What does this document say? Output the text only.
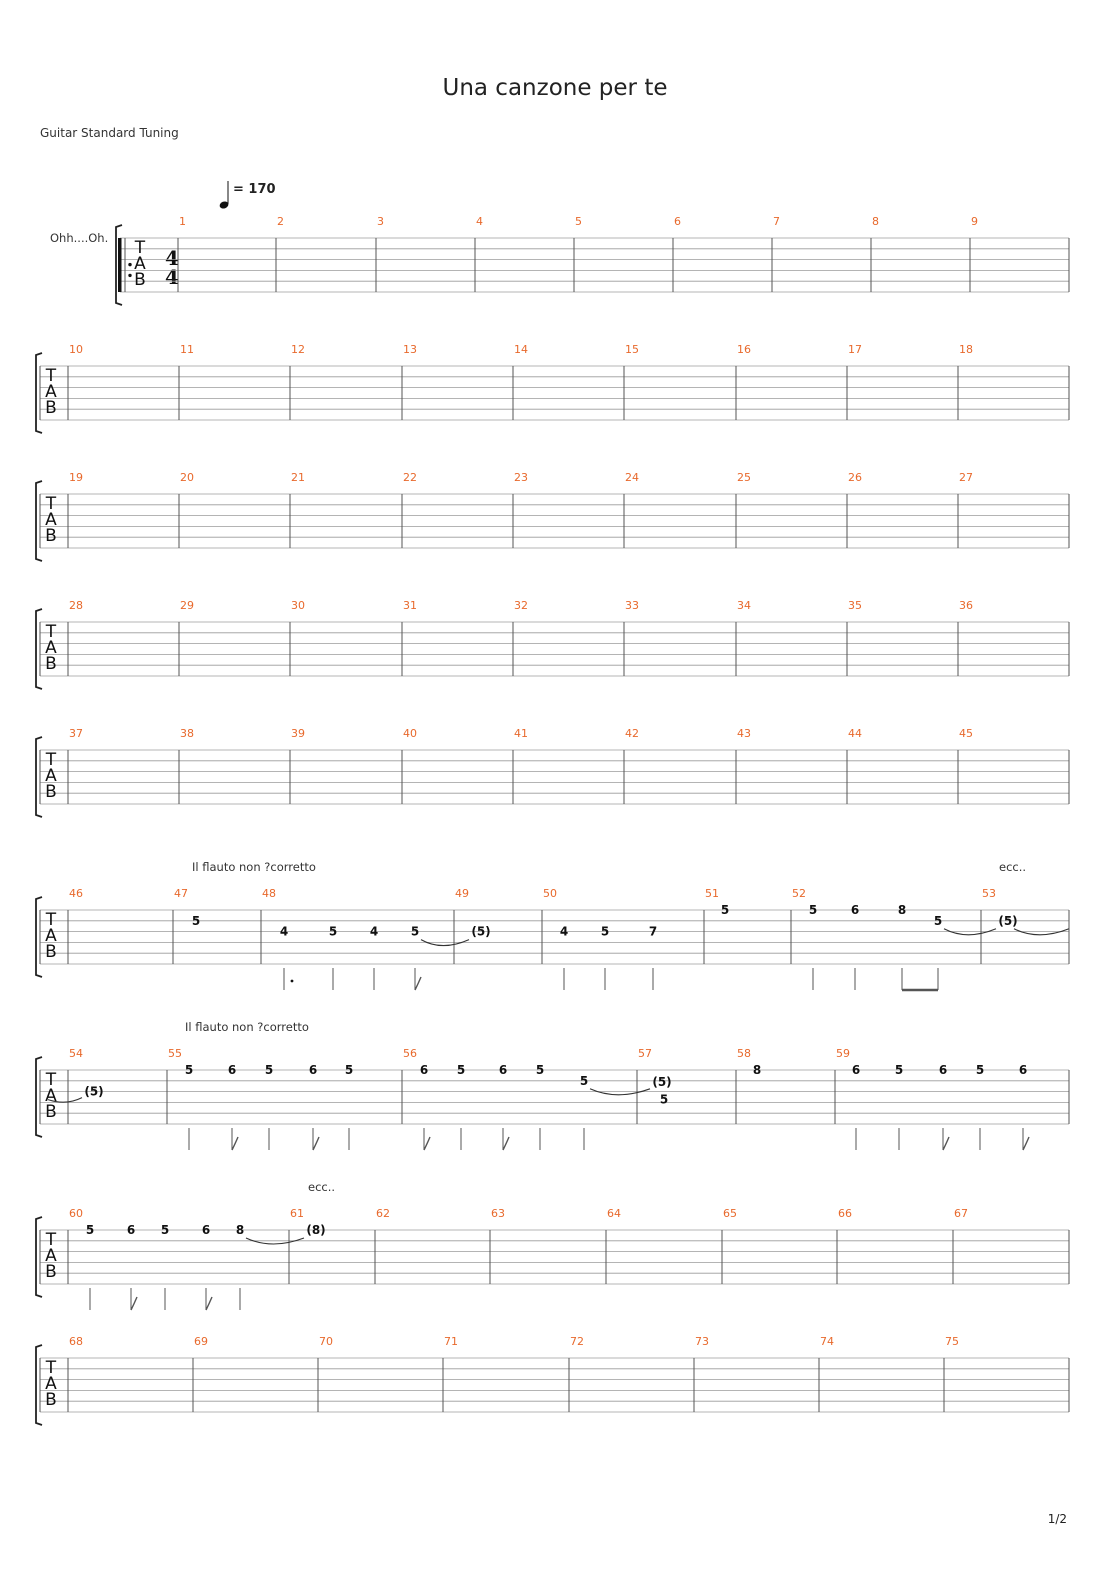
Una canzone per te
Guitar Standard Tuning
= 170
Ohh....Oh.
Il flauto non ?corretto	ecc..
Il flauto non ?corretto
ecc..
4
4
T
A
B
1	2	3	4	5	6	7	8	9
T
A
B
10	11	12	13	14	15	16	17	18
T
A
B
19	20	21	22	23	24	25	26	27
T
A
B
28	29	30	31	32	33	34	35	36
T
A
B
37	38	39	40	41	42	43	44	45
T
A
B
46	47	48	49	50	51	52	53
T
A
B
54	55	56	57	58	59
T
A
B
60	61	62	63	64	65	66	67
T
A
B
68	69	70	71	72	73	74	75
5
4	5	4	5	(5)	4	5	7
5	5	6	8
5	(5)
(5)
5	6 5	6 5	6 5	6 5
5	(5)
5
8	6	5	6 5	6
5	6 5	6 8	(8)
1/2
